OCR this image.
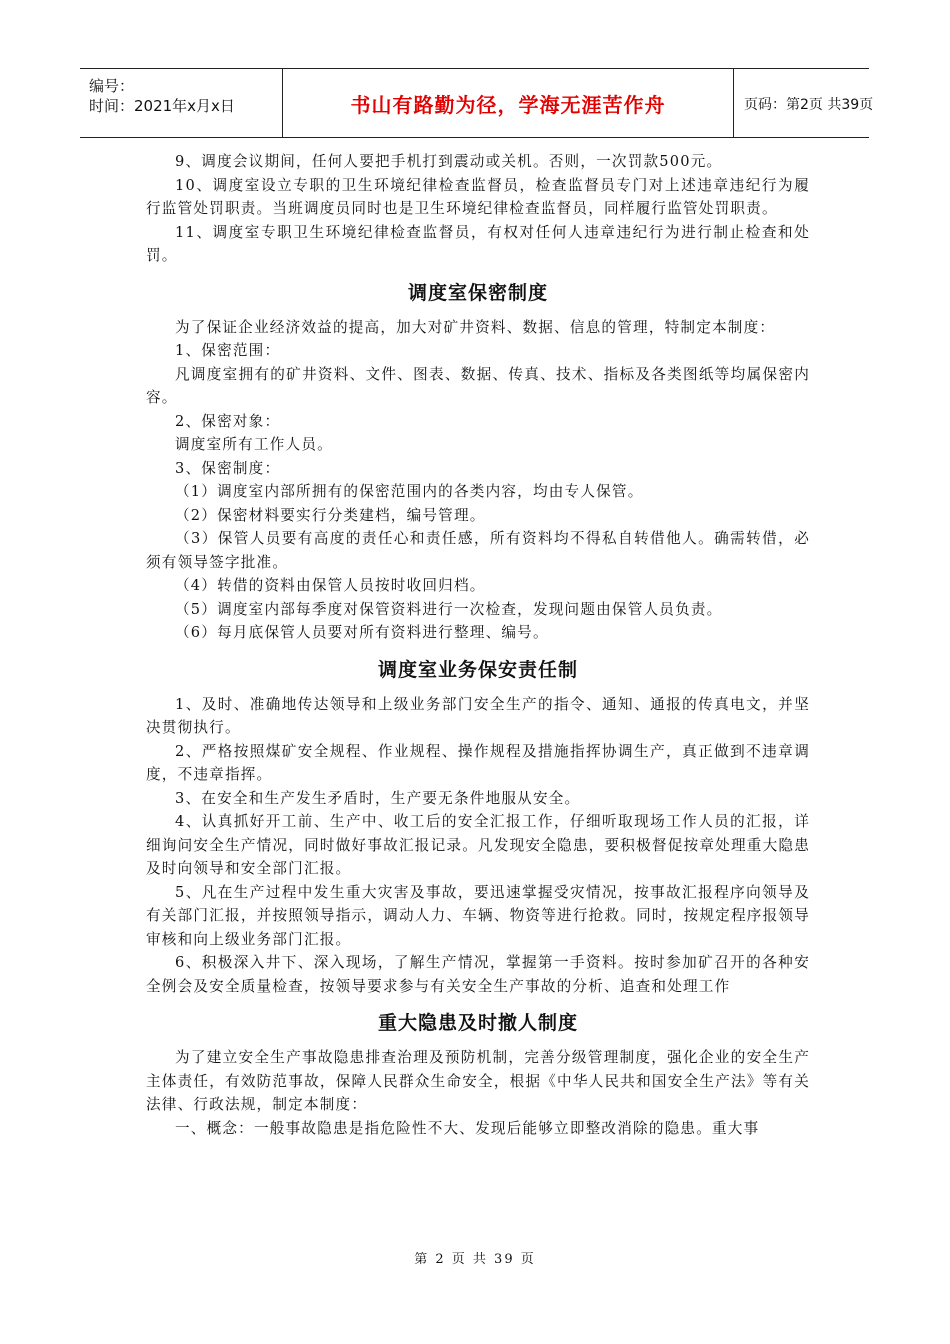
编号：
时间：2021年x月x日	书山有路勤为径，学海无涯苦作舟	页码：第2页 共39页

9、调度会议期间，任何人要把手机打到震动或关机。否则，一次罚款500元。

10、调度室设立专职的卫生环境纪律检查监督员，检查监督员专门对上述违章违纪行为履行监管处罚职责。当班调度员同时也是卫生环境纪律检查监督员，同样履行监管处罚职责。

11、调度室专职卫生环境纪律检查监督员，有权对任何人违章违纪行为进行制止检查和处罚。

调度室保密制度

为了保证企业经济效益的提高，加大对矿井资料、数据、信息的管理，特制定本制度：

1、保密范围：

凡调度室拥有的矿井资料、文件、图表、数据、传真、技术、指标及各类图纸等均属保密内容。

2、保密对象：

调度室所有工作人员。

3、保密制度：

（1）调度室内部所拥有的保密范围内的各类内容，均由专人保管。

（2）保密材料要实行分类建档，编号管理。

（3）保管人员要有高度的责任心和责任感，所有资料均不得私自转借他人。确需转借，必须有领导签字批准。

（4）转借的资料由保管人员按时收回归档。

（5）调度室内部每季度对保管资料进行一次检查，发现问题由保管人员负责。

（6）每月底保管人员要对所有资料进行整理、编号。

调度室业务保安责任制

1、及时、准确地传达领导和上级业务部门安全生产的指令、通知、通报的传真电文，并坚决贯彻执行。

2、严格按照煤矿安全规程、作业规程、操作规程及措施指挥协调生产，真正做到不违章调度，不违章指挥。

3、在安全和生产发生矛盾时，生产要无条件地服从安全。

4、认真抓好开工前、生产中、收工后的安全汇报工作，仔细听取现场工作人员的汇报，详细询问安全生产情况，同时做好事故汇报记录。凡发现安全隐患，要积极督促按章处理重大隐患及时向领导和安全部门汇报。

5、凡在生产过程中发生重大灾害及事故，要迅速掌握受灾情况，按事故汇报程序向领导及有关部门汇报，并按照领导指示，调动人力、车辆、物资等进行抢救。同时，按规定程序报领导审核和向上级业务部门汇报。

6、积极深入井下、深入现场，了解生产情况，掌握第一手资料。按时参加矿召开的各种安全例会及安全质量检查，按领导要求参与有关安全生产事故的分析、追查和处理工作

重大隐患及时撤人制度

为了建立安全生产事故隐患排查治理及预防机制，完善分级管理制度，强化企业的安全生产主体责任，有效防范事故，保障人民群众生命安全，根据《中华人民共和国安全生产法》等有关法律、行政法规，制定本制度：

一、概念：一般事故隐患是指危险性不大、发现后能够立即整改消除的隐患。重大事

第 2 页 共 39 页
